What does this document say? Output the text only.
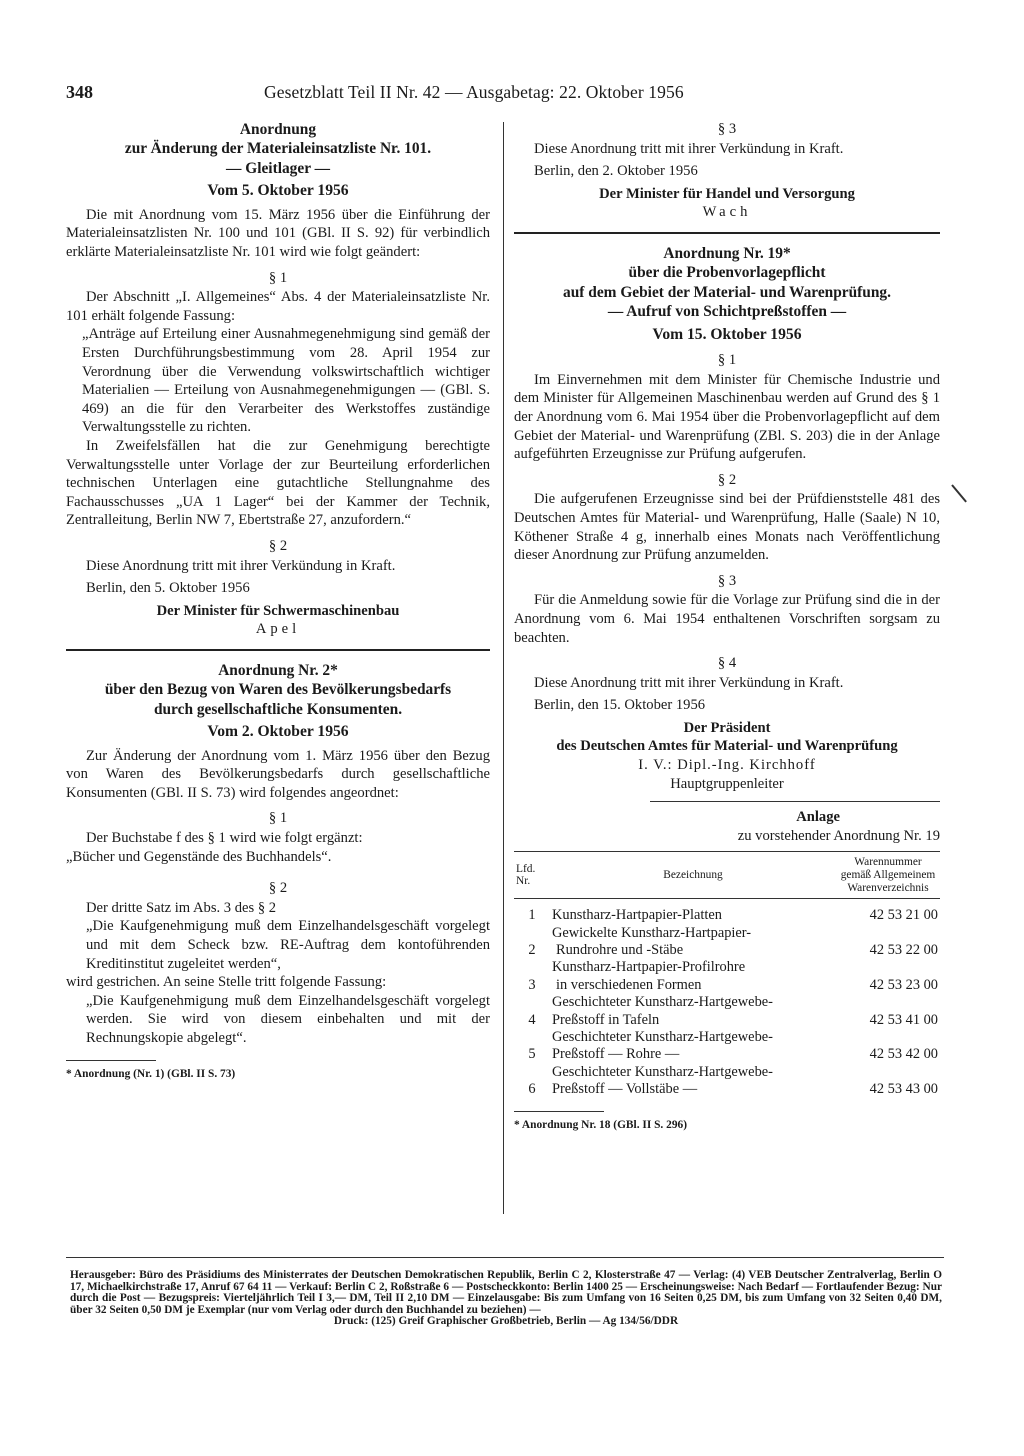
348	Gesetzblatt Teil II Nr. 42 — Ausgabetag: 22. Oktober 1956
Anordnung
zur Änderung der Materialeinsatzliste Nr. 101.
— Gleitlager —
Vom 5. Oktober 1956

Die mit Anordnung vom 15. März 1956 über die Einführung der Materialeinsatzlisten Nr. 100 und 101 (GBl. II S. 92) für verbindlich erklärte Materialeinsatzliste Nr. 101 wird wie folgt geändert:

§ 1

Der Abschnitt „I. Allgemeines“ Abs. 4 der Materialeinsatzliste Nr. 101 erhält folgende Fassung:

„Anträge auf Erteilung einer Ausnahmegenehmigung sind gemäß der Ersten Durchführungsbestimmung vom 28. April 1954 zur Verordnung über die Verwendung volkswirtschaftlich wichtiger Materialien — Erteilung von Ausnahmegenehmigungen — (GBl. S. 469) an die für den Verarbeiter des Werkstoffes zuständige Verwaltungsstelle zu richten.

In Zweifelsfällen hat die zur Genehmigung berechtigte Verwaltungsstelle unter Vorlage der zur Beurteilung erforderlichen technischen Unterlagen eine gutachtliche Stellungnahme des Fachausschusses „UA 1 Lager“ bei der Kammer der Technik, Zentralleitung, Berlin NW 7, Ebertstraße 27, anzufordern.“

§ 2

Diese Anordnung tritt mit ihrer Verkündung in Kraft.

Berlin, den 5. Oktober 1956

Der Minister für Schwermaschinenbau
Apel
Anordnung Nr. 2*
über den Bezug von Waren des Bevölkerungsbedarfs
durch gesellschaftliche Konsumenten.
Vom 2. Oktober 1956

Zur Änderung der Anordnung vom 1. März 1956 über den Bezug von Waren des Bevölkerungsbedarfs durch gesellschaftliche Konsumenten (GBl. II S. 73) wird folgendes angeordnet:

§ 1

Der Buchstabe f des § 1 wird wie folgt ergänzt:

„Bücher und Gegenstände des Buchhandels“.

§ 2

Der dritte Satz im Abs. 3 des § 2

„Die Kaufgenehmigung muß dem Einzelhandelsgeschäft vorgelegt und mit dem Scheck bzw. RE-Auftrag dem kontoführenden Kreditinstitut zugeleitet werden“,

wird gestrichen. An seine Stelle tritt folgende Fassung:

„Die Kaufgenehmigung muß dem Einzelhandelsgeschäft vorgelegt werden. Sie wird von diesem einbehalten und mit der Rechnungskopie abgelegt“.

* Anordnung (Nr. 1) (GBl. II S. 73)
§ 3

Diese Anordnung tritt mit ihrer Verkündung in Kraft.

Berlin, den 2. Oktober 1956

Der Minister für Handel und Versorgung
Wach
Anordnung Nr. 19*
über die Probenvorlagepflicht
auf dem Gebiet der Material- und Warenprüfung.
— Aufruf von Schichtpreßstoffen —
Vom 15. Oktober 1956
§ 1

Im Einvernehmen mit dem Minister für Chemische Industrie und dem Minister für Allgemeinen Maschinenbau werden auf Grund des § 1 der Anordnung vom 6. Mai 1954 über die Probenvorlagepflicht auf dem Gebiet der Material- und Warenprüfung (ZBl. S. 203) die in der Anlage aufgeführten Erzeugnisse zur Prüfung aufgerufen.

§ 2

Die aufgerufenen Erzeugnisse sind bei der Prüfdienststelle 481 des Deutschen Amtes für Material- und Warenprüfung, Halle (Saale) N 10, Köthener Straße 4 g, innerhalb eines Monats nach Veröffentlichung dieser Anordnung zur Prüfung anzumelden.

§ 3

Für die Anmeldung sowie für die Vorlage zur Prüfung sind die in der Anordnung vom 6. Mai 1954 enthaltenen Vorschriften sorgsam zu beachten.

§ 4

Diese Anordnung tritt mit ihrer Verkündung in Kraft.

Berlin, den 15. Oktober 1956

Der Präsident
des Deutschen Amtes für Material- und Warenprüfung
I. V.: Dipl.-Ing. Kirchhoff
Hauptgruppenleiter
Anlage
zu vorstehender Anordnung Nr. 19
Lfd. Nr.	Bezeichnung	Warennummer gemäß Allgemeinem Warenverzeichnis
1	Kunstharz-Hartpapier-Platten	42 53 21 00
2	Gewickelte Kunstharz-Hartpapier-
Rundrohre und -Stäbe	42 53 22 00
3	Kunstharz-Hartpapier-Profilrohre
in verschiedenen Formen	42 53 23 00
4	Geschichteter Kunstharz-Hartgewebe-
Preßstoff in Tafeln	42 53 41 00
5	Geschichteter Kunstharz-Hartgewebe-
Preßstoff — Rohre —	42 53 42 00
6	Geschichteter Kunstharz-Hartgewebe-
Preßstoff — Vollstäbe —	42 53 43 00
* Anordnung Nr. 18 (GBl. II S. 296)
Herausgeber: Büro des Präsidiums des Ministerrates der Deutschen Demokratischen Republik, Berlin C 2, Klosterstraße 47 — Verlag: (4) VEB Deutscher Zentralverlag, Berlin O 17, Michaelkirchstraße 17, Anruf 67 64 11 — Verkauf: Berlin C 2, Roßstraße 6 — Postscheckkonto: Berlin 1400 25 — Erscheinungsweise: Nach Bedarf — Fortlaufender Bezug: Nur durch die Post — Bezugspreis: Vierteljährlich Teil I 3,— DM, Teil II 2,10 DM — Einzelausgabe: Bis zum Umfang von 16 Seiten 0,25 DM, bis zum Umfang von 32 Seiten 0,40 DM, über 32 Seiten 0,50 DM je Exemplar (nur vom Verlag oder durch den Buchhandel zu beziehen) —
Druck: (125) Greif Graphischer Großbetrieb, Berlin — Ag 134/56/DDR
